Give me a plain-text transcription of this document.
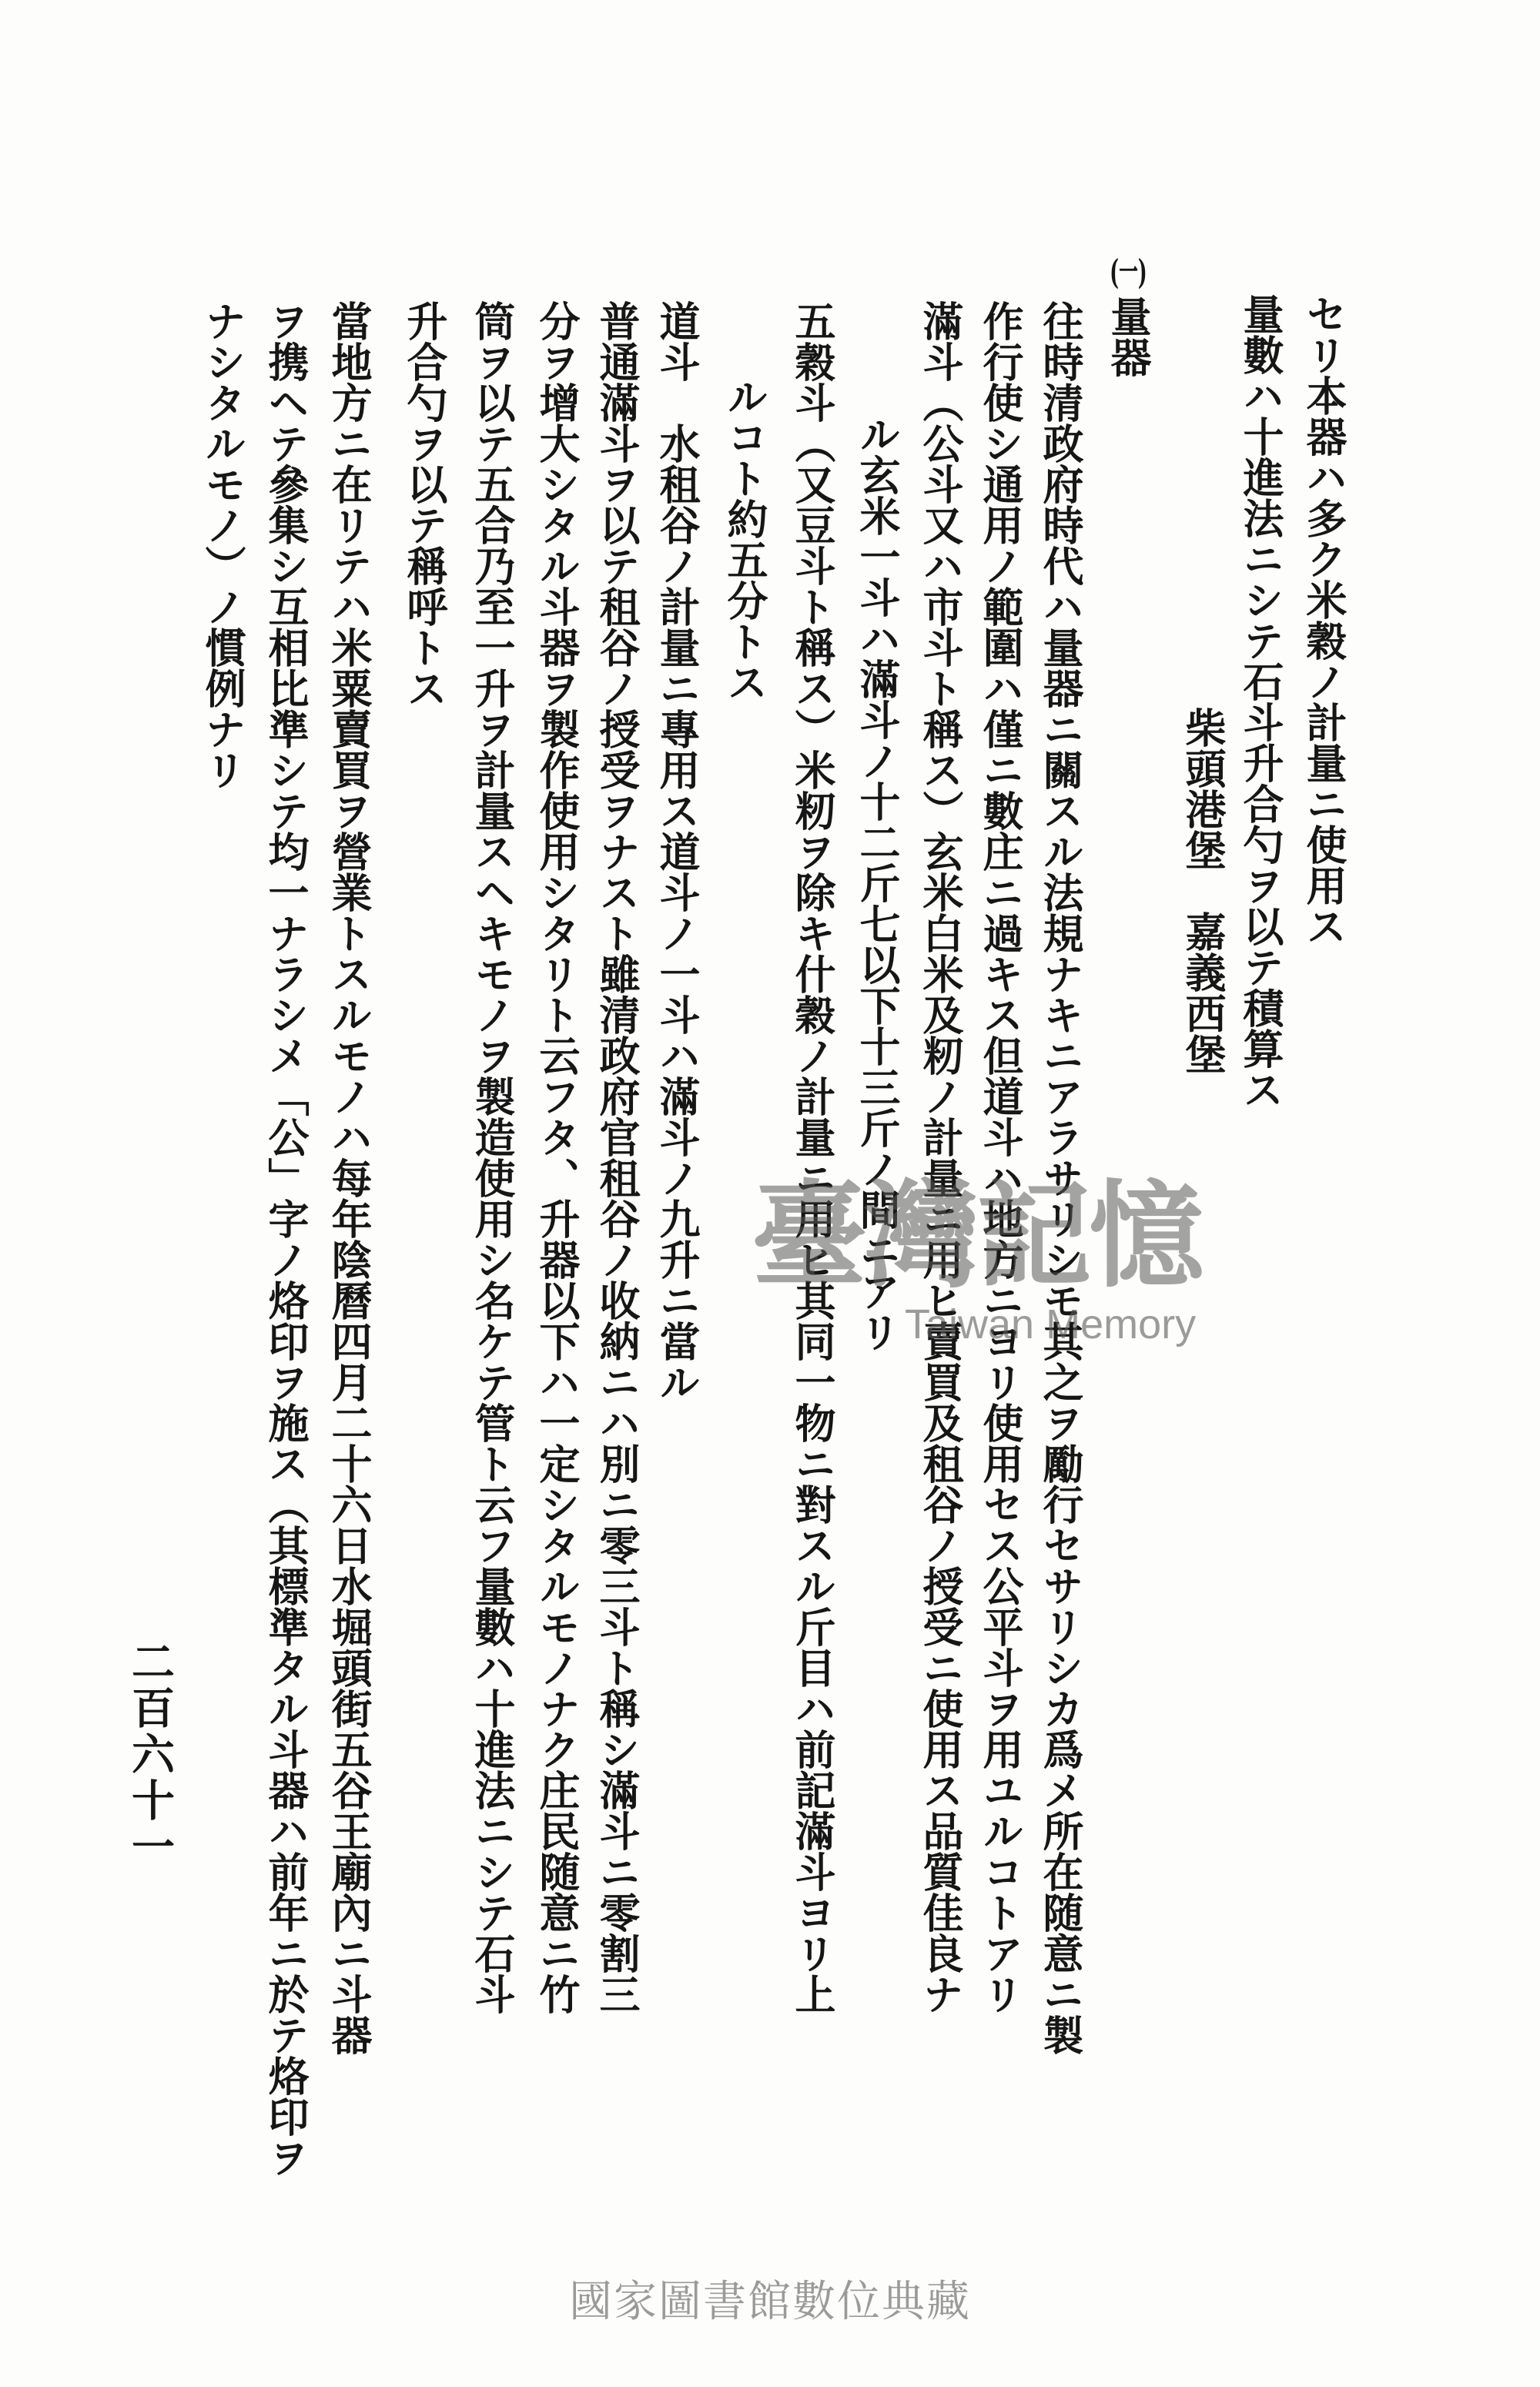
セリ本器ハ多ク米穀ノ計量ニ使用ス
量數ハ十進法ニシテ石斗升合勺ヲ以テ積算ス
柴頭港堡　嘉義西堡
(一)量器
往時清政府時代ハ量器ニ關スル法規ナキニアラサリシモ其之ヲ勵行セサリシカ爲メ所在随意ニ製
作行使シ通用ノ範圍ハ僅ニ數庄ニ過キス但道斗ハ地方ニヨリ使用セス公平斗ヲ用ユルコトアリ
滿斗（公斗又ハ市斗ト稱ス）玄米白米及籾ノ計量ニ用ヒ賣買及租谷ノ授受ニ使用ス品質佳良ナ
ル玄米一斗ハ滿斗ノ十二斤七以下十三斤ノ間ニアリ
五穀斗（又豆斗ト稱ス）米籾ヲ除キ什穀ノ計量ニ用ヒ其同一物ニ對スル斤目ハ前記滿斗ヨリ上
ルコト約五分トス
道斗　水租谷ノ計量ニ專用ス道斗ノ一斗ハ滿斗ノ九升ニ當ル
普通滿斗ヲ以テ租谷ノ授受ヲナスト雖清政府官租谷ノ收納ニハ別ニ零三斗ト稱シ滿斗ニ零割三
分ヲ增大シタル斗器ヲ製作使用シタリト云フタ、升器以下ハ一定シタルモノナク庄民随意ニ竹
筒ヲ以テ五合乃至一升ヲ計量スヘキモノヲ製造使用シ名ケテ管ト云フ量數ハ十進法ニシテ石斗
升合勺ヲ以テ稱呼トス
當地方ニ在リテハ米粟賣買ヲ營業トスルモノハ每年陰曆四月二十六日水堀頭街五谷王廟內ニ斗器
ヲ携ヘテ參集シ互相比準シテ均一ナラシメ「公」字ノ烙印ヲ施ス（其標準タル斗器ハ前年ニ於テ烙印ヲ
ナシタルモノ）ノ慣例ナリ
二百六十一
臺灣記憶
Taiwan Memory
國家圖書館數位典藏
